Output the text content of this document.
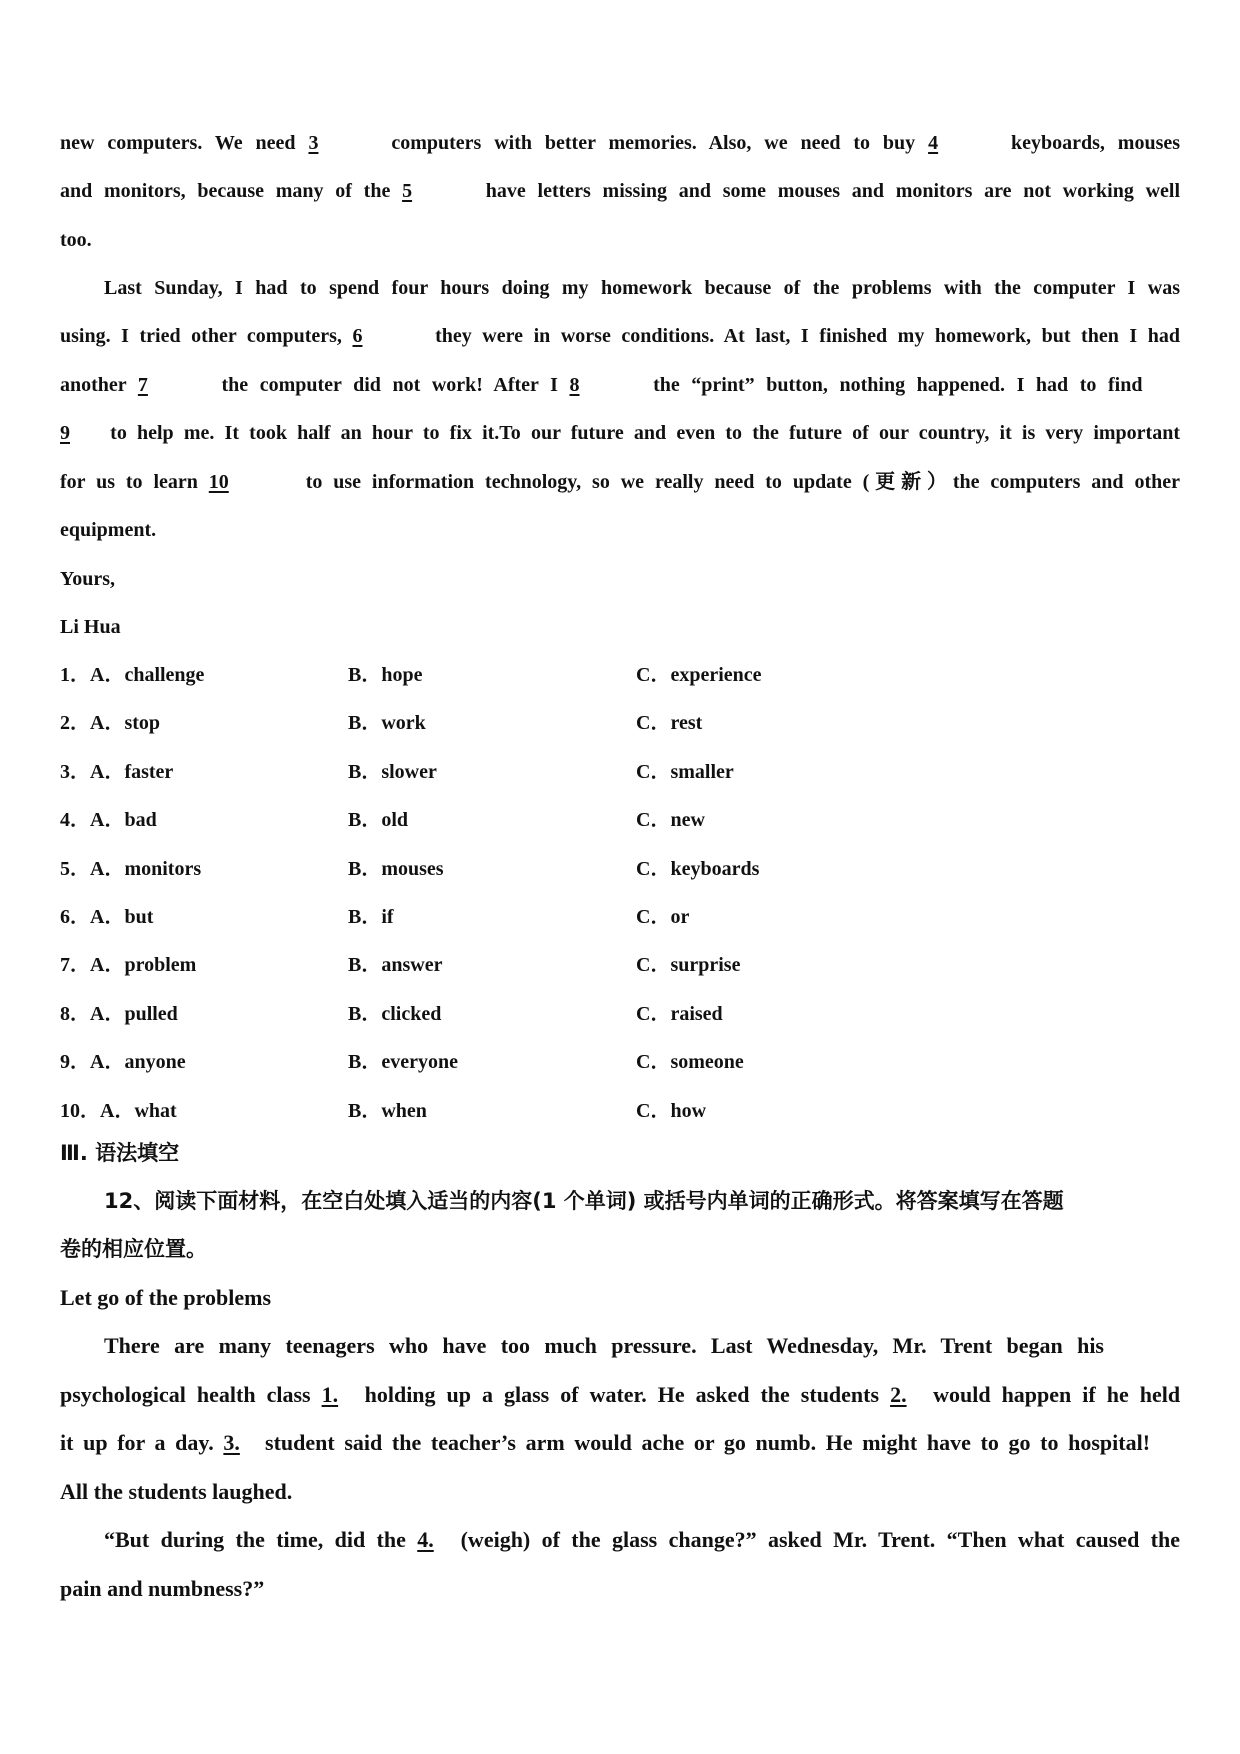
new computers. We need 3	computers with better memories. Also, we need to buy 4	keyboards, mouses
and monitors, because many of the 5	have letters missing and some mouses and monitors are not working well
too.
Last Sunday, I had to spend four hours doing my homework because of the problems with the computer I was
using. I tried other computers, 6	they were in worse conditions. At last, I finished my homework, but then I had
another 7	the computer did not work! After I 8	the “print” button, nothing happened. I had to find
9 to help me. It took half an hour to fix it.To our future and even to the future of our country, it is very important
for us to learn 10	to use information technology, so we really need to update (更新）the computers and other
equipment.
Yours,
Li Hua
1．A．challenge	B．hope	C．experience
2．A．stop	B．work	C．rest
3．A．faster	B．slower	C．smaller
4．A．bad	B．old	C．new
5．A．monitors	B．mouses	C．keyboards
6．A．but	B．if	C．or
7．A．problem	B．answer	C．surprise
8．A．pulled	B．clicked	C．raised
9．A．anyone	B．everyone	C．someone
10．A．what	B．when	C．how
Ⅲ. 语法填空
12、阅读下面材料，在空白处填入适当的内容(1 个单词) 或括号内单词的正确形式。将答案填写在答题
卷的相应位置。
Let go of the problems
There are many teenagers who have too much pressure. Last Wednesday, Mr. Trent began his
psychological health class 1. holding up a glass of water. He asked the students 2. would happen if he held
it up for a day. 3. student said the teacher’s arm would ache or go numb. He might have to go to hospital!
All the students laughed.
“But during the time, did the 4. (weigh) of the glass change?” asked Mr. Trent. “Then what caused the
pain and numbness?”
